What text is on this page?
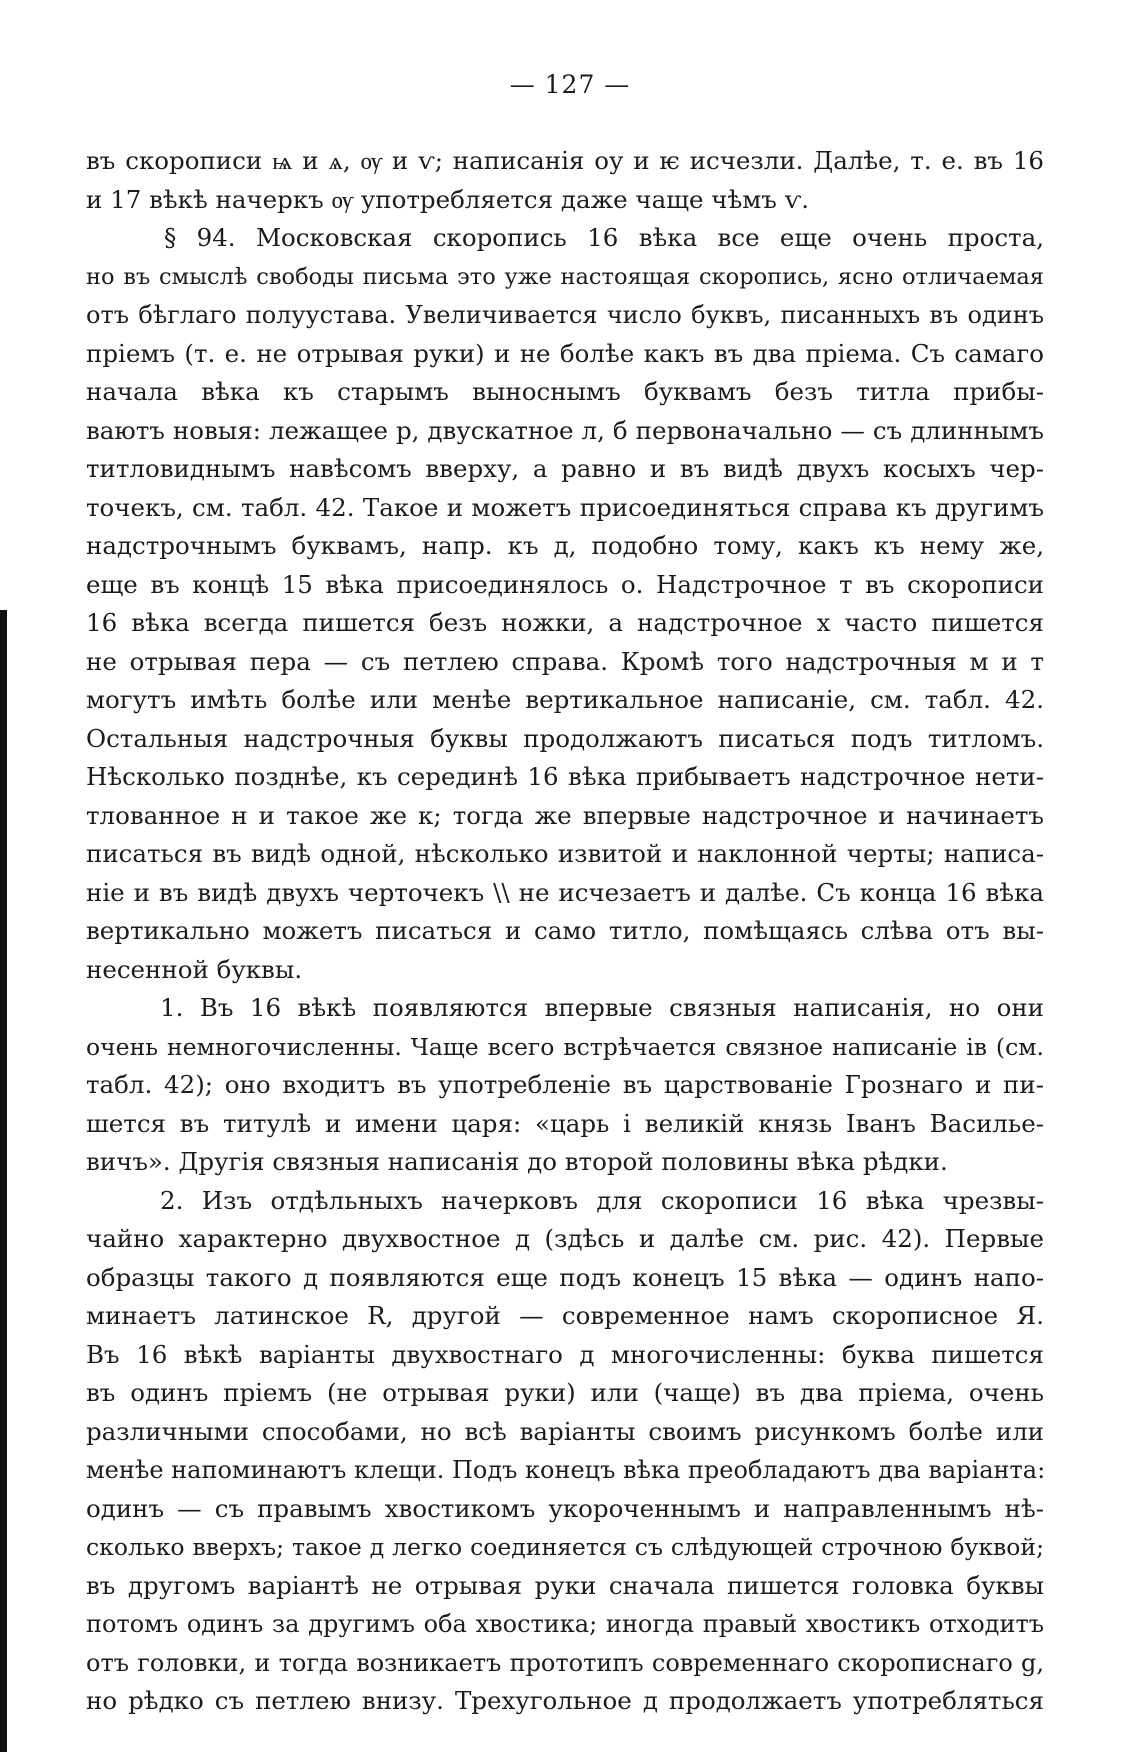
— 127 —
въ скорописи ѩ и ѧ, ѹ и ѵ; написанія оу и ѥ исчезли. Далѣе, т. е. въ 16
и 17 вѣкѣ начеркъ ѹ употребляется даже чаще чѣмъ ѵ.
§ 94. Московская скоропись 16 вѣка все еще очень проста,
но въ смыслѣ свободы письма это уже настоящая скоропись, ясно отличаемая
отъ бѣглаго полуустава. Увеличивается число буквъ, писанныхъ въ одинъ
пріемъ (т. е. не отрывая руки) и не болѣе какъ въ два пріема. Съ самаго
начала вѣка къ старымъ выноснымъ буквамъ безъ титла прибы-
ваютъ новыя: лежащее р, двускатное л, б первоначально — съ длиннымъ
титловиднымъ навѣсомъ вверху, а равно и въ видѣ двухъ косыхъ чер-
точекъ, см. табл. 42. Такое и можетъ присоединяться справа къ другимъ
надстрочнымъ буквамъ, напр. къ д, подобно тому, какъ къ нему же,
еще въ концѣ 15 вѣка присоединялось о. Надстрочное т въ скорописи
16 вѣка всегда пишется безъ ножки, а надстрочное х часто пишется
не отрывая пера — съ петлею справа. Кромѣ того надстрочныя м и т
могутъ имѣть болѣе или менѣе вертикальное написаніе, см. табл. 42.
Остальныя надстрочныя буквы продолжаютъ писаться подъ титломъ.
Нѣсколько позднѣе, къ серединѣ 16 вѣка прибываетъ надстрочное нети-
тлованное н и такое же к; тогда же впервые надстрочное и начинаетъ
писаться въ видѣ одной, нѣсколько извитой и наклонной черты; написа-
ніе и въ видѣ двухъ черточекъ \\ не исчезаетъ и далѣе. Съ конца 16 вѣка
вертикально можетъ писаться и само титло, помѣщаясь слѣва отъ вы-
несенной буквы.
1. Въ 16 вѣкѣ появляются впервые связныя написанія, но они
очень немногочисленны. Чаще всего встрѣчается связное написаніе ів (см.
табл. 42); оно входитъ въ употребленіе въ царствованіе Грознаго и пи-
шется въ титулѣ и имени царя: «царь і великій князь Іванъ Василье-
вичъ». Другія связныя написанія до второй половины вѣка рѣдки.
2. Изъ отдѣльныхъ начерковъ для скорописи 16 вѣка чрезвы-
чайно характерно двухвостное д (здѣсь и далѣе см. рис. 42). Первые
образцы такого д появляются еще подъ конецъ 15 вѣка — одинъ напо-
минаетъ латинское R, другой — современное намъ скорописное Я.
Въ 16 вѣкѣ варіанты двухвостнаго д многочисленны: буква пишется
въ одинъ пріемъ (не отрывая руки) или (чаще) въ два пріема, очень
различными способами, но всѣ варіанты своимъ рисункомъ болѣе или
менѣе напоминаютъ клещи. Подъ конецъ вѣка преобладаютъ два варіанта:
одинъ — съ правымъ хвостикомъ укороченнымъ и направленнымъ нѣ-
сколько вверхъ; такое д легко соединяется съ слѣдующей строчною буквой;
въ другомъ варіантѣ не отрывая руки сначала пишется головка буквы
потомъ одинъ за другимъ оба хвостика; иногда правый хвостикъ отходитъ
отъ головки, и тогда возникаетъ прототипъ современнаго скорописнаго g,
но рѣдко съ петлею внизу. Трехугольное д продолжаетъ употребляться
